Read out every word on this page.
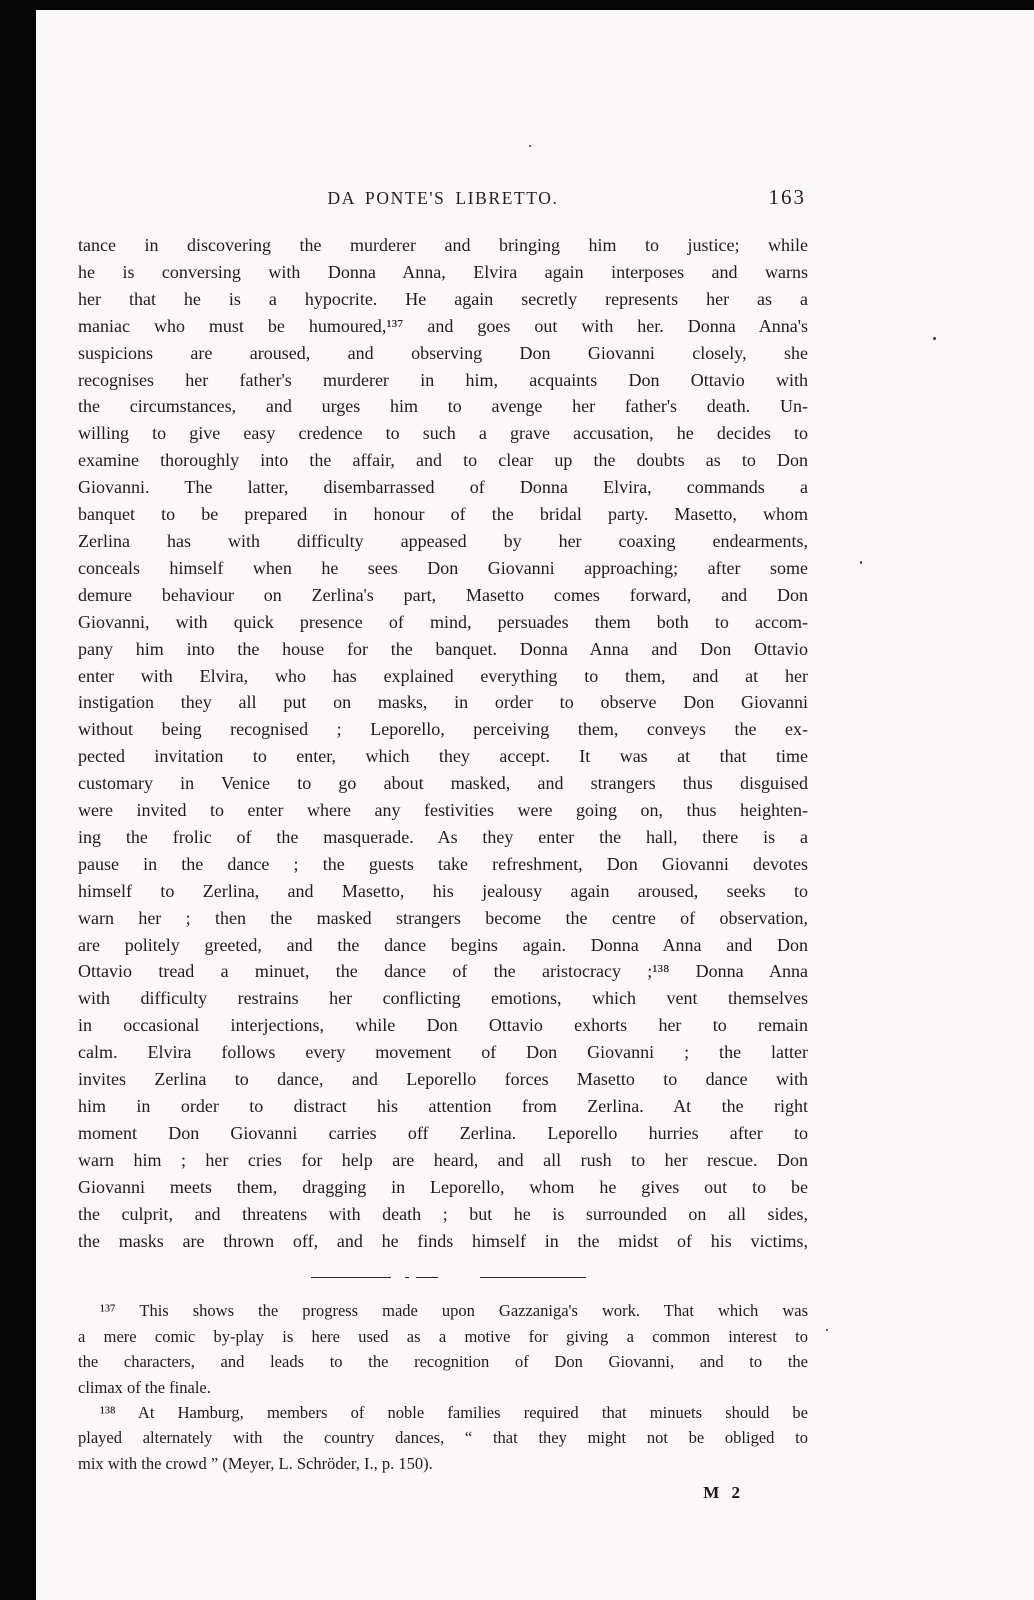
DA PONTE'S LIBRETTO.	163
tance in discovering the murderer and bringing him to justice; while
he is conversing with Donna Anna, Elvira again interposes and warns
her that he is a hypocrite. He again secretly represents her as a
maniac who must be humoured,¹³⁷ and goes out with her. Donna Anna's
suspicions are aroused, and observing Don Giovanni closely, she
recognises her father's murderer in him, acquaints Don Ottavio with
the circumstances, and urges him to avenge her father's death. Un-
willing to give easy credence to such a grave accusation, he decides to
examine thoroughly into the affair, and to clear up the doubts as to Don
Giovanni. The latter, disembarrassed of Donna Elvira, commands a
banquet to be prepared in honour of the bridal party. Masetto, whom
Zerlina has with difficulty appeased by her coaxing endearments,
conceals himself when he sees Don Giovanni approaching; after some
demure behaviour on Zerlina's part, Masetto comes forward, and Don
Giovanni, with quick presence of mind, persuades them both to accom-
pany him into the house for the banquet. Donna Anna and Don Ottavio
enter with Elvira, who has explained everything to them, and at her
instigation they all put on masks, in order to observe Don Giovanni
without being recognised ; Leporello, perceiving them, conveys the ex-
pected invitation to enter, which they accept. It was at that time
customary in Venice to go about masked, and strangers thus disguised
were invited to enter where any festivities were going on, thus heighten-
ing the frolic of the masquerade. As they enter the hall, there is a
pause in the dance ; the guests take refreshment, Don Giovanni devotes
himself to Zerlina, and Masetto, his jealousy again aroused, seeks to
warn her ; then the masked strangers become the centre of observation,
are politely greeted, and the dance begins again. Donna Anna and Don
Ottavio tread a minuet, the dance of the aristocracy ;¹³⁸ Donna Anna
with difficulty restrains her conflicting emotions, which vent themselves
in occasional interjections, while Don Ottavio exhorts her to remain
calm. Elvira follows every movement of Don Giovanni ; the latter
invites Zerlina to dance, and Leporello forces Masetto to dance with
him in order to distract his attention from Zerlina. At the right
moment Don Giovanni carries off Zerlina. Leporello hurries after to
warn him ; her cries for help are heard, and all rush to her rescue. Don
Giovanni meets them, dragging in Leporello, whom he gives out to be
the culprit, and threatens with death ; but he is surrounded on all sides,
the masks are thrown off, and he finds himself in the midst of his victims,
¹³⁷ This shows the progress made upon Gazzaniga's work. That which was
a mere comic by-play is here used as a motive for giving a common interest to
the characters, and leads to the recognition of Don Giovanni, and to the
climax of the finale.
¹³⁸ At Hamburg, members of noble families required that minuets should be
played alternately with the country dances, “ that they might not be obliged to
mix with the crowd ” (Meyer, L. Schröder, I., p. 150).
M 2
